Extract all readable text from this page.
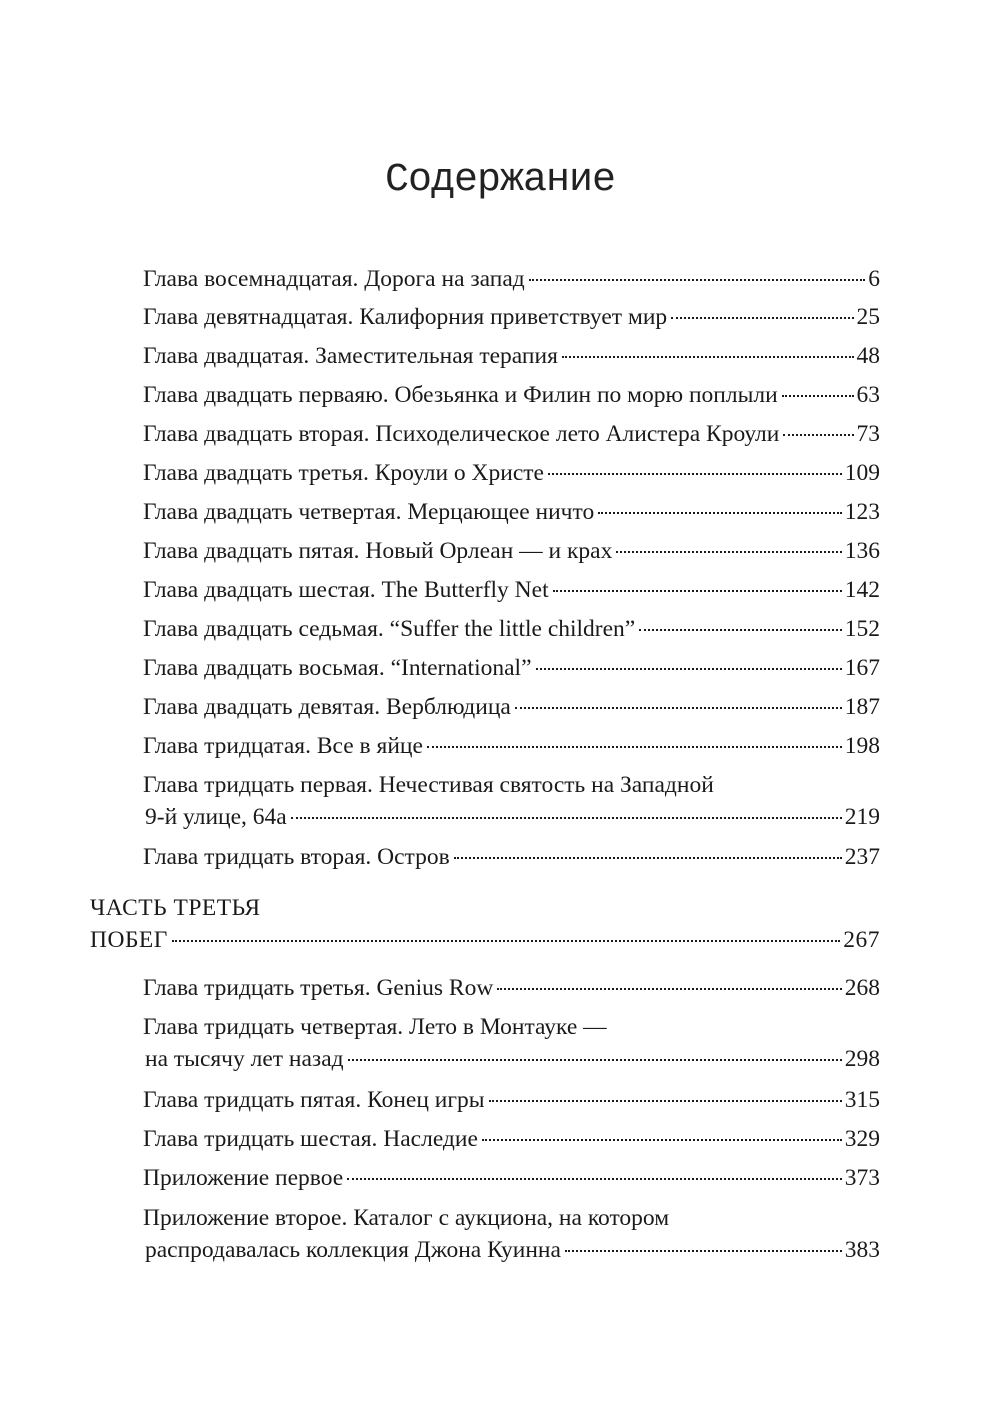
Содержание
Глава восемнадцатая. Дорога на запад	6
Глава девятнадцатая. Калифорния приветствует мир	25
Глава двадцатая. Заместительная терапия	48
Глава двадцать перваяю. Обезьянка и Филин по морю поплыли	63
Глава двадцать вторая. Психоделическое лето Алистера Кроули	73
Глава двадцать третья. Кроули о Христе	109
Глава двадцать четвертая. Мерцающее ничто	123
Глава двадцать пятая. Новый Орлеан — и крах	136
Глава двадцать шестая. The Butterfly Net	142
Глава двадцать седьмая. “Suffer the little children”	152
Глава двадцать восьмая. “International”	167
Глава двадцать девятая. Верблюдица	187
Глава тридцатая. Все в яйце	198
Глава тридцать первая. Нечестивая святость на Западной
9-й улице, 64а	219
Глава тридцать вторая. Остров	237
ЧАСТЬ ТРЕТЬЯ
ПОБЕГ	267
Глава тридцать третья. Genius Row	268
Глава тридцать четвертая. Лето в Монтауке —
на тысячу лет назад	298
Глава тридцать пятая. Конец игры	315
Глава тридцать шестая. Наследие	329
Приложение первое	373
Приложение второе. Каталог с аукциона, на котором
распродавалась коллекция Джона Куинна	383
